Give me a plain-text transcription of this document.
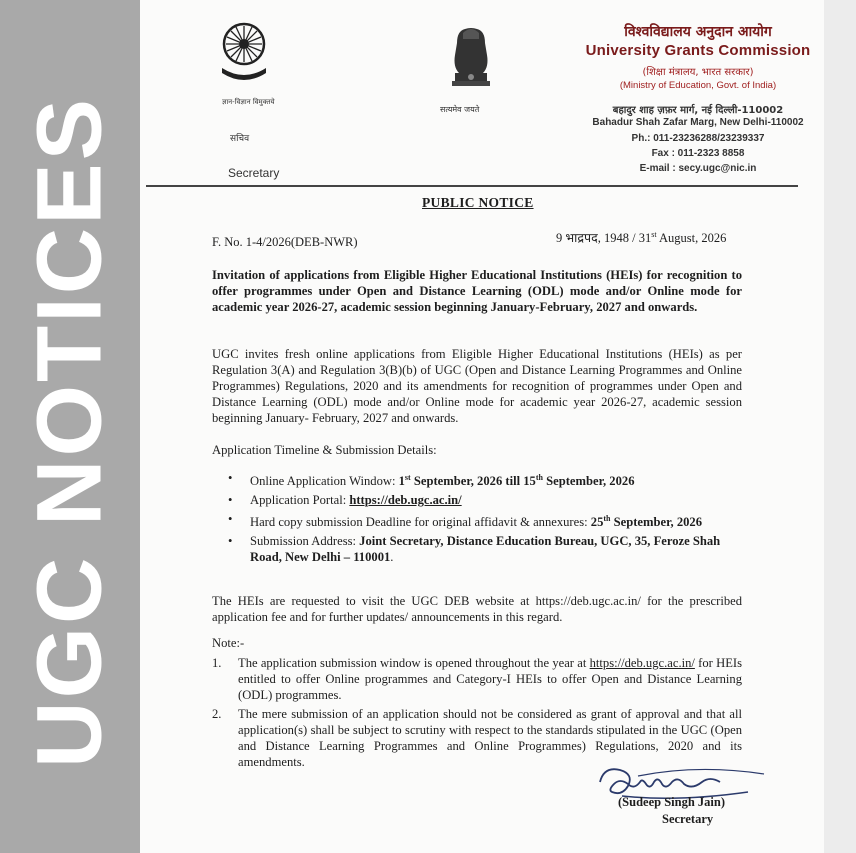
UGC NOTICES	ज्ञान-विज्ञान विमुक्तये
सत्यमेव जयते
सचिव
Secretary
विश्वविद्यालय अनुदान आयोग
University Grants Commission
(शिक्षा मंत्रालय, भारत सरकार)
(Ministry of Education, Govt. of India)
बहादुर शाह ज़फ़र मार्ग, नई दिल्ली-110002
Bahadur Shah Zafar Marg, New Delhi-110002
Ph.: 011-23236288/23239337
Fax : 011-2323 8858
E-mail : secy.ugc@nic.in
PUBLIC NOTICE
F. No. 1-4/2026(DEB-NWR)	9 भाद्रपद, 1948 / 31st August, 2026
Invitation of applications from Eligible Higher Educational Institutions (HEIs) for recognition to offer programmes under Open and Distance Learning (ODL) mode and/or Online mode for academic year 2026-27, academic session beginning January-February, 2027 and onwards.
UGC invites fresh online applications from Eligible Higher Educational Institutions (HEIs) as per Regulation 3(A) and Regulation 3(B)(b) of UGC (Open and Distance Learning Programmes and Online Programmes) Regulations, 2020 and its amendments for recognition of programmes under Open and Distance Learning (ODL) mode and/or Online mode for academic year 2026-27, academic session beginning January- February, 2027 and onwards.
Application Timeline & Submission Details:
• Online Application Window: 1st September, 2026 till 15th September, 2026
• Application Portal: https://deb.ugc.ac.in/
• Hard copy submission Deadline for original affidavit & annexures: 25th September, 2026
• Submission Address: Joint Secretary, Distance Education Bureau, UGC, 35, Feroze Shah Road, New Delhi – 110001.
The HEIs are requested to visit the UGC DEB website at https://deb.ugc.ac.in/ for the prescribed application fee and for further updates/ announcements in this regard.
Note:-
1. The application submission window is opened throughout the year at https://deb.ugc.ac.in/ for HEIs entitled to offer Online programmes and Category-I HEIs to offer Open and Distance Learning (ODL) programmes.
2. The mere submission of an application should not be considered as grant of approval and that all application(s) shall be subject to scrutiny with respect to the standards stipulated in the UGC (Open and Distance Learning Programmes and Online Programmes) Regulations, 2020 and its amendments.
(Sudeep Singh Jain)
Secretary
